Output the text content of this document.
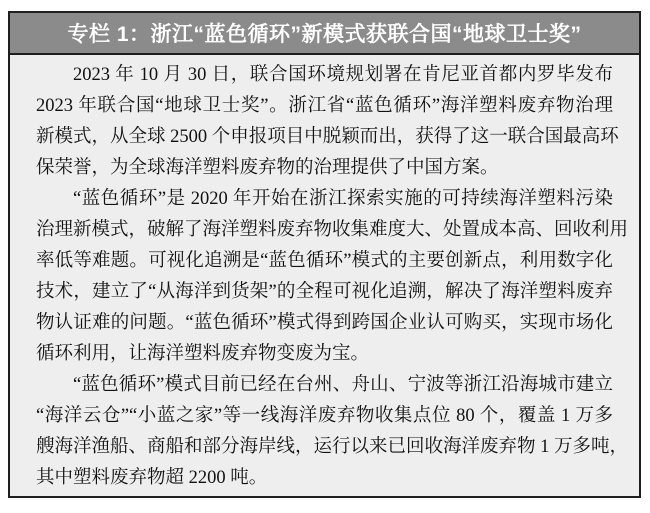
专栏 1：浙江“蓝色循环”新模式获联合国“地球卫士奖”
2023 年 10 月 30 日，联合国环境规划署在肯尼亚首都内罗毕发布
2023 年联合国“地球卫士奖”。浙江省“蓝色循环”海洋塑料废弃物治理
新模式，从全球 2500 个申报项目中脱颖而出，获得了这一联合国最高环
保荣誉，为全球海洋塑料废弃物的治理提供了中国方案。
“蓝色循环”是 2020 年开始在浙江探索实施的可持续海洋塑料污染
治理新模式，破解了海洋塑料废弃物收集难度大、处置成本高、回收利用
率低等难题。可视化追溯是“蓝色循环”模式的主要创新点，利用数字化
技术，建立了“从海洋到货架”的全程可视化追溯，解决了海洋塑料废弃
物认证难的问题。“蓝色循环”模式得到跨国企业认可购买，实现市场化
循环利用，让海洋塑料废弃物变废为宝。
“蓝色循环”模式目前已经在台州、舟山、宁波等浙江沿海城市建立
“海洋云仓”“小蓝之家”等一线海洋废弃物收集点位 80 个，覆盖 1 万多
艘海洋渔船、商船和部分海岸线，运行以来已回收海洋废弃物 1 万多吨，
其中塑料废弃物超 2200 吨。
